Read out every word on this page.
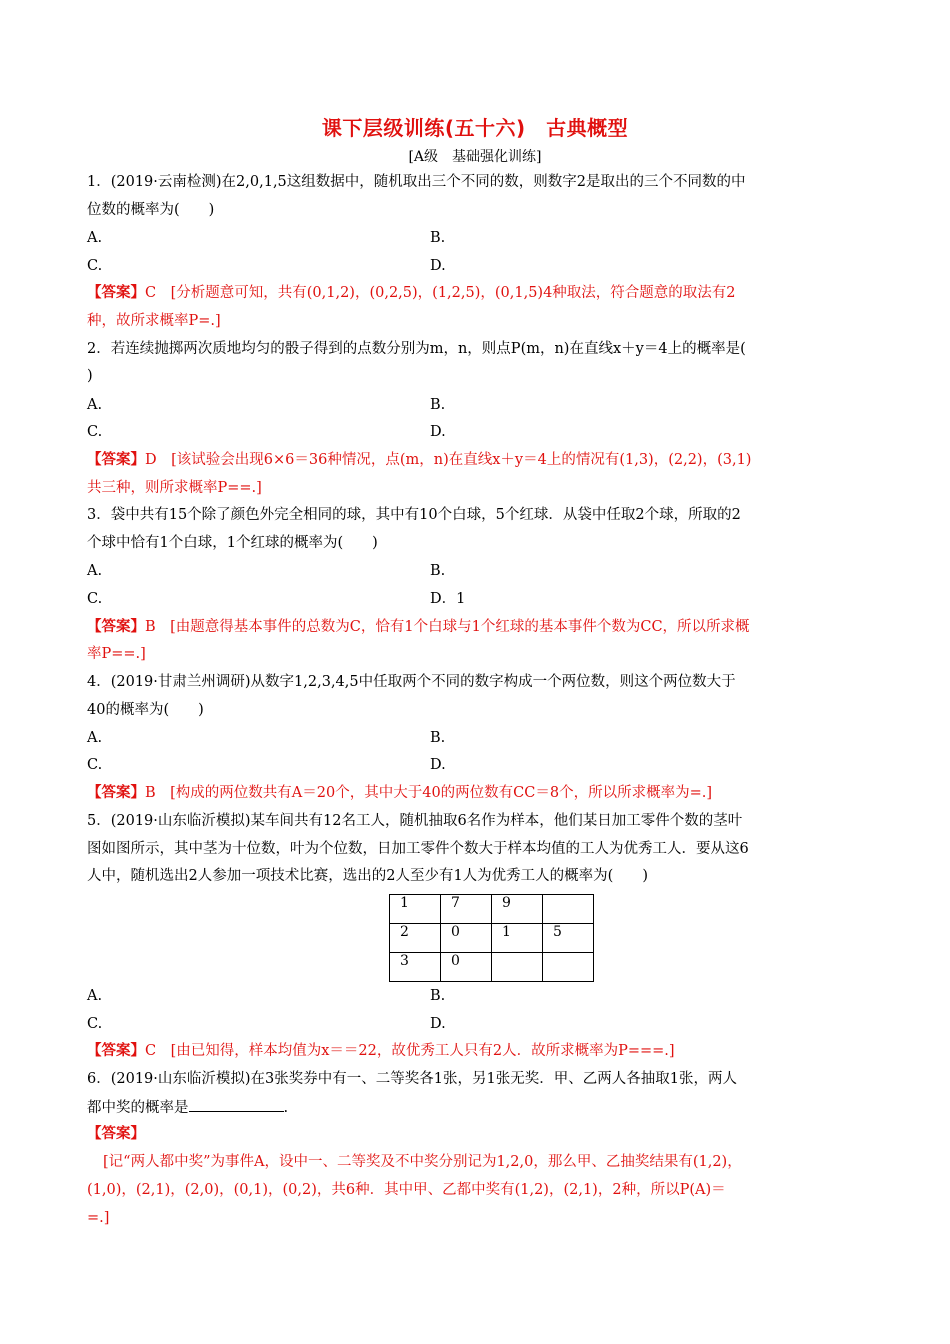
课下层级训练(五十六)　古典概型
[A级　基础强化训练]
1．(2019·云南检测)在2,0,1,5这组数据中，随机取出三个不同的数，则数字2是取出的三个不同数的中
位数的概率为(　　)
A.	B.
C.	D.
【答案】C　[分析题意可知，共有(0,1,2)，(0,2,5)，(1,2,5)，(0,1,5)4种取法，符合题意的取法有2
种，故所求概率P=.]
2．若连续抛掷两次质地均匀的骰子得到的点数分别为m，n，则点P(m，n)在直线x＋y＝4上的概率是(
)
A.	B.
C.	D.
【答案】D　[该试验会出现6×6＝36种情况，点(m，n)在直线x＋y＝4上的情况有(1,3)，(2,2)，(3,1)
共三种，则所求概率P==.]
3．袋中共有15个除了颜色外完全相同的球，其中有10个白球，5个红球．从袋中任取2个球，所取的2
个球中恰有1个白球，1个红球的概率为(　　)
A.	B.
C.	D．1
【答案】B　[由题意得基本事件的总数为C，恰有1个白球与1个红球的基本事件个数为CC，所以所求概
率P==.]
4．(2019·甘肃兰州调研)从数字1,2,3,4,5中任取两个不同的数字构成一个两位数，则这个两位数大于
40的概率为(　　)
A.	B.
C.	D.
【答案】B　[构成的两位数共有A＝20个，其中大于40的两位数有CC＝8个，所以所求概率为=.]
5．(2019·山东临沂模拟)某车间共有12名工人，随机抽取6名作为样本，他们某日加工零件个数的茎叶
图如图所示，其中茎为十位数，叶为个位数，日加工零件个数大于样本均值的工人为优秀工人．要从这6
人中，随机选出2人参加一项技术比赛，选出的2人至少有1人为优秀工人的概率为(　　)
1	7	9	
2	0	1	5
3	0		
A.	B.
C.	D.
【答案】C　[由已知得，样本均值为x＝＝22，故优秀工人只有2人．故所求概率为P===.]
6．(2019·山东临沂模拟)在3张奖券中有一、二等奖各1张，另1张无奖．甲、乙两人各抽取1张，两人
都中奖的概率是	.
【答案】
[记“两人都中奖”为事件A，设中一、二等奖及不中奖分别记为1,2,0，那么甲、乙抽奖结果有(1,2)，
(1,0)，(2,1)，(2,0)，(0,1)，(0,2)，共6种．其中甲、乙都中奖有(1,2)，(2,1)，2种，所以P(A)＝
=.]
